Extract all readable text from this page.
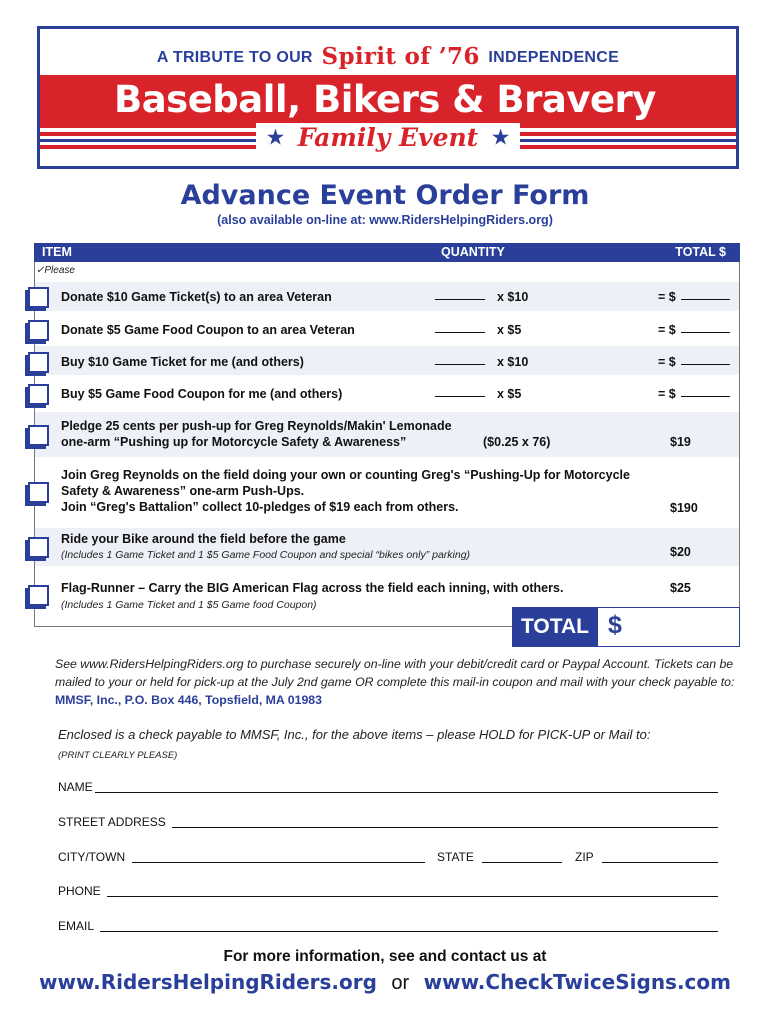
A TRIBUTE TO OUR Spirit of ’76 INDEPENDENCE
Baseball, Bikers & Bravery
★ Family Event ★
Advance Event Order Form
(also available on-line at: www.RidersHelpingRiders.org)
ITEM	QUANTITY	TOTAL $
✓Please
Donate $10 Game Ticket(s) to an area Veteran	x $10	= $
Donate $5 Game Food Coupon to an area Veteran	x $5	= $
Buy $10 Game Ticket for me (and others)	x $10	= $
Buy $5 Game Food Coupon for me (and others)	x $5	= $
Pledge 25 cents per push-up for Greg Reynolds/Makin' Lemonade
one-arm “Pushing up for Motorcycle Safety & Awareness”	($0.25 x 76)	$19
Join Greg Reynolds on the field doing your own or counting Greg's “Pushing-Up for Motorcycle
Safety & Awareness” one-arm Push-Ups.
Join “Greg's Battalion” collect 10-pledges of $19 each from others.	$190
Ride your Bike around the field before the game
(Includes 1 Game Ticket and 1 $5 Game Food Coupon and special “bikes only” parking)	$20
Flag-Runner – Carry the BIG American Flag across the field each inning, with others.
(Includes 1 Game Ticket and 1 $5 Game food Coupon)
$25
TOTAL $
See www.RidersHelpingRiders.org to purchase securely on-line with your debit/credit card or Paypal Account. Tickets can be mailed to your or held for pick-up at the July 2nd game OR complete this mail-in coupon and mail with your check payable to: MMSF, Inc., P.O. Box 446, Topsfield, MA 01983
Enclosed is a check payable to MMSF, Inc., for the above items – please HOLD for PICK-UP or Mail to:
(PRINT CLEARLY PLEASE)
NAME
STREET ADDRESS
CITY/TOWN	STATE	ZIP
PHONE
EMAIL
For more information, see and contact us at
www.RidersHelpingRiders.org or www.CheckTwiceSigns.com
